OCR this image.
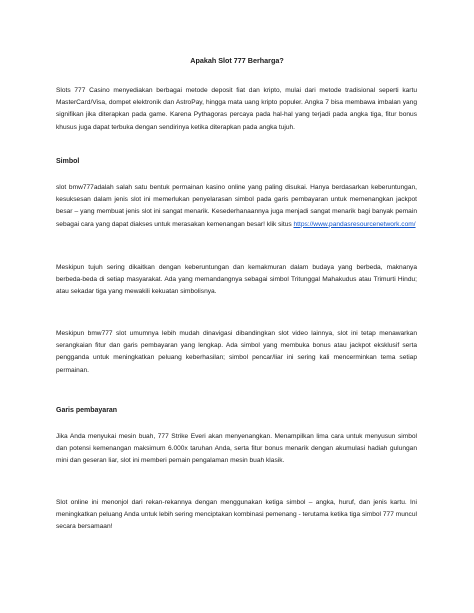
Apakah Slot 777 Berharga?

Slots 777 Casino menyediakan berbagai metode deposit fiat dan kripto, mulai dari metode tradisional seperti kartu MasterCard/Visa, dompet elektronik dan AstroPay, hingga mata uang kripto populer. Angka 7 bisa membawa imbalan yang signifikan jika diterapkan pada game. Karena Pythagoras percaya pada hal-hal yang terjadi pada angka tiga, fitur bonus khusus juga dapat terbuka dengan sendirinya ketika diterapkan pada angka tujuh.

Simbol

slot bmw777adalah salah satu bentuk permainan kasino online yang paling disukai. Hanya berdasarkan keberuntungan, kesuksesan dalam jenis slot ini memerlukan penyelarasan simbol pada garis pembayaran untuk memenangkan jackpot besar – yang membuat jenis slot ini sangat menarik. Kesederhanaannya juga menjadi sangat menarik bagi banyak pemain sebagai cara yang dapat diakses untuk merasakan kemenangan besar! klik situs https://www.pandasresourcenetwork.com/

Meskipun tujuh sering dikaitkan dengan keberuntungan dan kemakmuran dalam budaya yang berbeda, maknanya berbeda-beda di setiap masyarakat. Ada yang memandangnya sebagai simbol Tritunggal Mahakudus atau Trimurti Hindu; atau sekadar tiga yang mewakili kekuatan simbolisnya.

Meskipun bmw777 slot umumnya lebih mudah dinavigasi dibandingkan slot video lainnya, slot ini tetap menawarkan serangkaian fitur dan garis pembayaran yang lengkap. Ada simbol yang membuka bonus atau jackpot eksklusif serta pengganda untuk meningkatkan peluang keberhasilan; simbol pencar/liar ini sering kali mencerminkan tema setiap permainan.

Garis pembayaran

Jika Anda menyukai mesin buah, 777 Strike Everi akan menyenangkan. Menampilkan lima cara untuk menyusun simbol dan potensi kemenangan maksimum 6.000x taruhan Anda, serta fitur bonus menarik dengan akumulasi hadiah gulungan mini dan geseran liar, slot ini memberi pemain pengalaman mesin buah klasik.

Slot online ini menonjol dari rekan-rekannya dengan menggunakan ketiga simbol – angka, huruf, dan jenis kartu. Ini meningkatkan peluang Anda untuk lebih sering menciptakan kombinasi pemenang - terutama ketika tiga simbol 777 muncul secara bersamaan!
